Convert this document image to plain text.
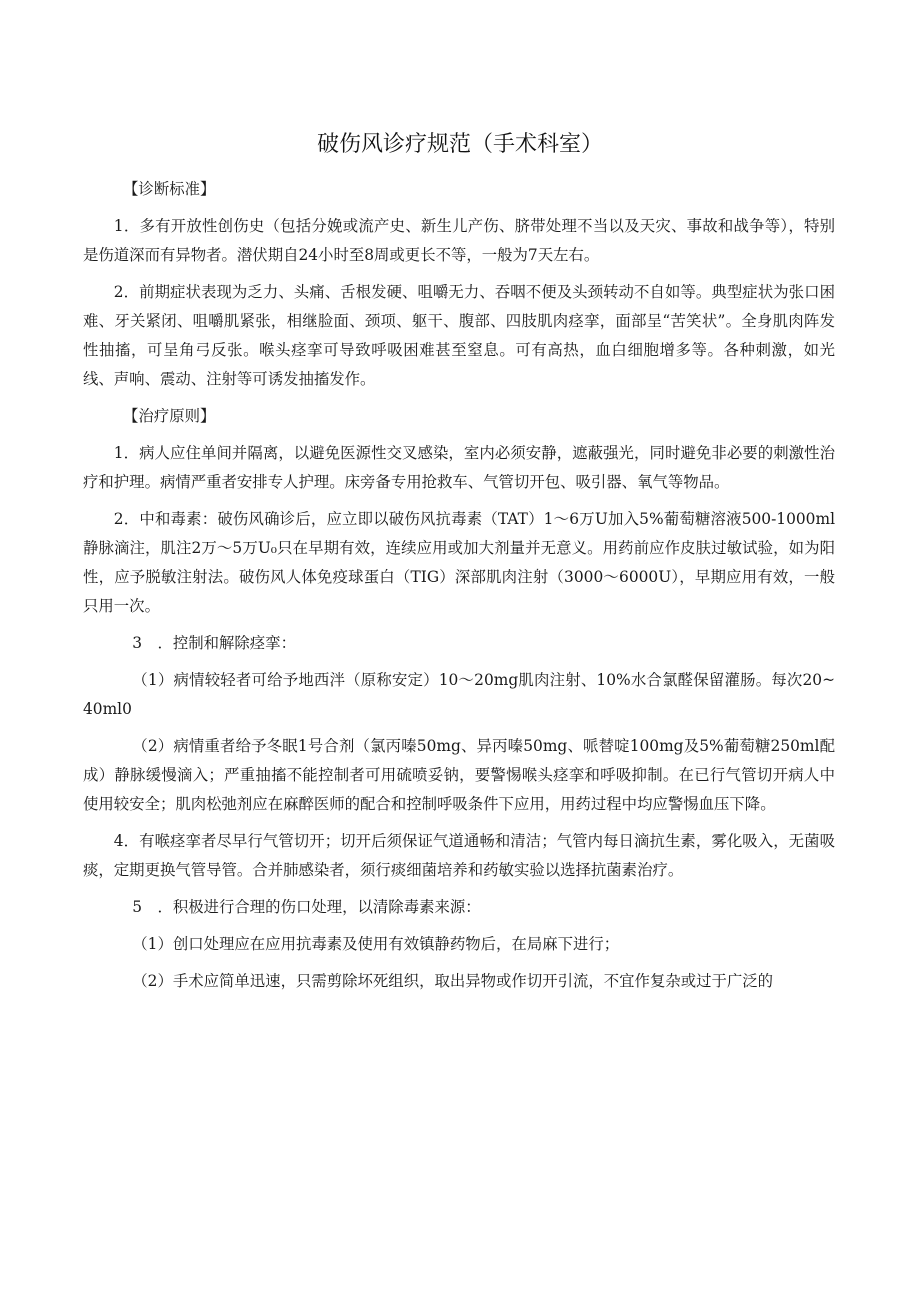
破伤风诊疗规范（手术科室）

【诊断标准】

1．多有开放性创伤史（包括分娩或流产史、新生儿产伤、脐带处理不当以及天灾、事故和战争等），特别是伤道深而有异物者。潜伏期自24小时至8周或更长不等，一般为7天左右。

2．前期症状表现为乏力、头痛、舌根发硬、咀嚼无力、吞咽不便及头颈转动不自如等。典型症状为张口困难、牙关紧闭、咀嚼肌紧张，相继脸面、颈项、躯干、腹部、四肢肌肉痉挛，面部呈“苦笑状”。全身肌肉阵发性抽搐，可呈角弓反张。喉头痉挛可导致呼吸困难甚至窒息。可有高热，血白细胞增多等。各种刺激，如光线、声响、震动、注射等可诱发抽搐发作。

【治疗原则】

1．病人应住单间并隔离，以避免医源性交叉感染，室内必须安静，遮蔽强光，同时避免非必要的刺激性治疗和护理。病情严重者安排专人护理。床旁备专用抢救车、气管切开包、吸引器、氧气等物品。

2．中和毒素：破伤风确诊后，应立即以破伤风抗毒素（TAT）1～6万U加入5%葡萄糖溶液500-1000ml静脉滴注，肌注2万～5万U₀只在早期有效，连续应用或加大剂量并无意义。用药前应作皮肤过敏试验，如为阳性，应予脱敏注射法。破伤风人体免疫球蛋白（TIG）深部肌肉注射（3000～6000U），早期应用有效，一般只用一次。

3　．控制和解除痉挛：

（1）病情较轻者可给予地西泮（原称安定）10～20mg肌肉注射、10%水合氯醛保留灌肠。每次20~40ml0

（2）病情重者给予冬眠1号合剂（氯丙嗪50mg、异丙嗪50mg、哌替啶100mg及5%葡萄糖250ml配成）静脉缓慢滴入；严重抽搐不能控制者可用硫喷妥钠，要警惕喉头痉挛和呼吸抑制。在已行气管切开病人中使用较安全；肌肉松弛剂应在麻醉医师的配合和控制呼吸条件下应用，用药过程中均应警惕血压下降。

4．有喉痉挛者尽早行气管切开；切开后须保证气道通畅和清洁；气管内每日滴抗生素，雾化吸入，无菌吸痰，定期更换气管导管。合并肺感染者，须行痰细菌培养和药敏实验以选择抗菌素治疗。

5　．积极进行合理的伤口处理，以清除毒素来源：

（1）创口处理应在应用抗毒素及使用有效镇静药物后，在局麻下进行；

（2）手术应简单迅速，只需剪除坏死组织，取出异物或作切开引流，不宜作复杂或过于广泛的
